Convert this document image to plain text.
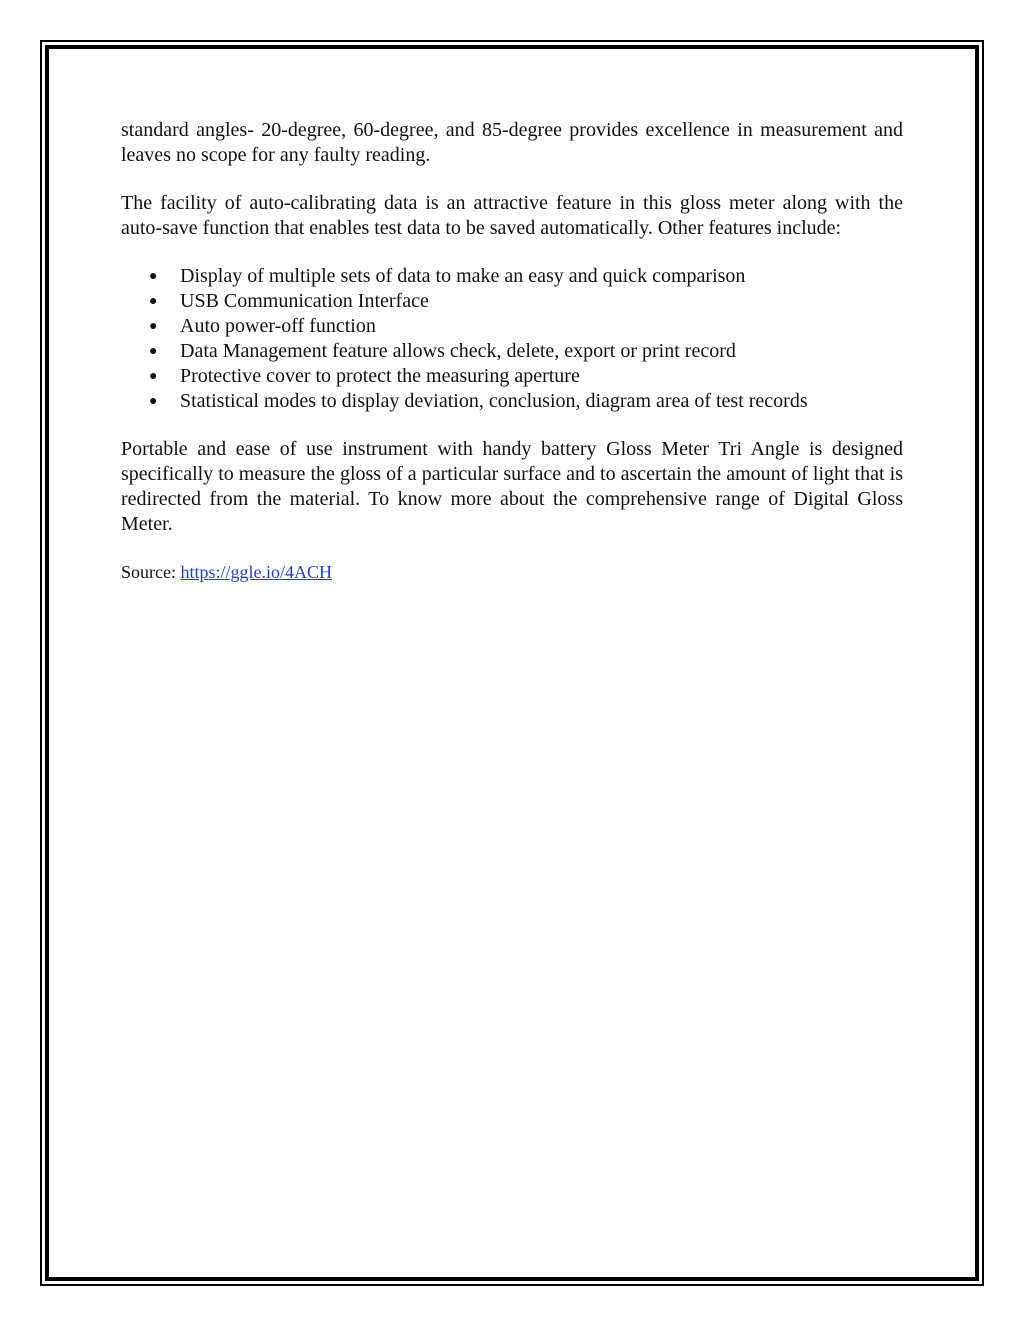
standard angles- 20-degree, 60-degree, and 85-degree provides excellence in measurement and leaves no scope for any faulty reading.

The facility of auto-calibrating data is an attractive feature in this gloss meter along with the auto-save function that enables test data to be saved automatically. Other features include:

● Display of multiple sets of data to make an easy and quick comparison
● USB Communication Interface
● Auto power-off function
● Data Management feature allows check, delete, export or print record
● Protective cover to protect the measuring aperture
● Statistical modes to display deviation, conclusion, diagram area of test records

Portable and ease of use instrument with handy battery Gloss Meter Tri Angle is designed specifically to measure the gloss of a particular surface and to ascertain the amount of light that is redirected from the material. To know more about the comprehensive range of Digital Gloss Meter.

Source: https://ggle.io/4ACH
